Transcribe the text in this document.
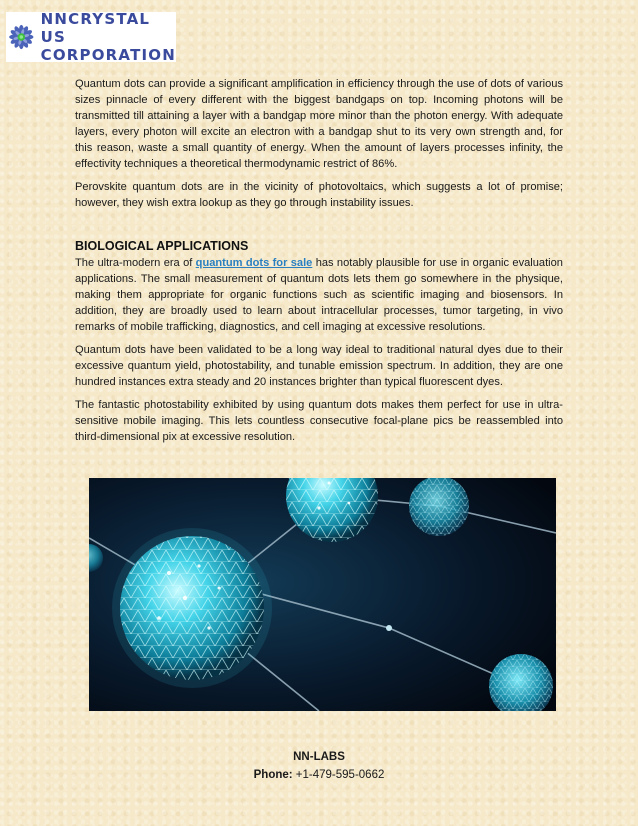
NNCRYSTAL US
CORPORATION

Quantum dots can provide a significant amplification in efficiency through the use of dots of various sizes pinnacle of every different with the biggest bandgaps on top. Incoming photons will be transmitted till attaining a layer with a bandgap more minor than the photon energy. With adequate layers, every photon will excite an electron with a bandgap shut to its very own strength and, for this reason, waste a small quantity of energy. When the amount of layers processes infinity, the effectivity techniques a theoretical thermodynamic restrict of 86%.

Perovskite quantum dots are in the vicinity of photovoltaics, which suggests a lot of promise; however, they wish extra lookup as they go through instability issues.

BIOLOGICAL APPLICATIONS

The ultra-modern era of quantum dots for sale has notably plausible for use in organic evaluation applications. The small measurement of quantum dots lets them go somewhere in the physique, making them appropriate for organic functions such as scientific imaging and biosensors. In addition, they are broadly used to learn about intracellular processes, tumor targeting, in vivo remarks of mobile trafficking, diagnostics, and cell imaging at excessive resolutions.

Quantum dots have been validated to be a long way ideal to traditional natural dyes due to their excessive quantum yield, photostability, and tunable emission spectrum. In addition, they are one hundred instances extra steady and 20 instances brighter than typical fluorescent dyes.

The fantastic photostability exhibited by using quantum dots makes them perfect for use in ultra-sensitive mobile imaging. This lets countless consecutive focal-plane pics be reassembled into third-dimensional pix at excessive resolution.

NN-LABS
Phone: +1-479-595-0662
